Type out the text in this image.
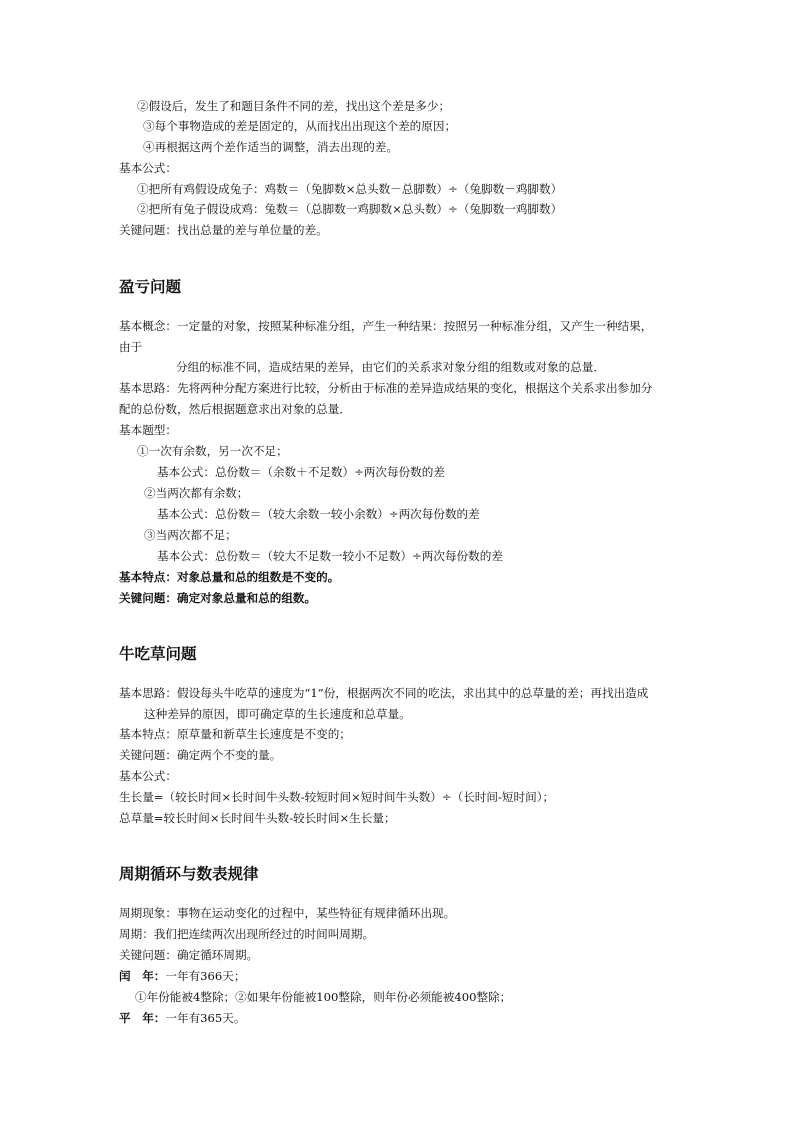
②假设后，发生了和题目条件不同的差，找出这个差是多少；
③每个事物造成的差是固定的，从而找出出现这个差的原因；
④再根据这两个差作适当的调整，消去出现的差。
基本公式：
①把所有鸡假设成兔子：鸡数＝（兔脚数×总头数－总脚数）÷（兔脚数－鸡脚数）
②把所有兔子假设成鸡：兔数＝（总脚数一鸡脚数×总头数）÷（兔脚数一鸡脚数）
关键问题：找出总量的差与单位量的差。
盈亏问题
基本概念：一定量的对象，按照某种标准分组，产生一种结果：按照另一种标准分组，又产生一种结果，
由于
分组的标准不同，造成结果的差异，由它们的关系求对象分组的组数或对象的总量．
基本思路：先将两种分配方案进行比较，分析由于标准的差异造成结果的变化，根据这个关系求出参加分
配的总份数，然后根据题意求出对象的总量．
基本题型：
①一次有余数，另一次不足；
基本公式：总份数＝（余数＋不足数）÷两次每份数的差
②当两次都有余数；
基本公式：总份数＝（较大余数一较小余数）÷两次每份数的差
③当两次都不足；
基本公式：总份数＝（较大不足数一较小不足数）÷两次每份数的差
基本特点：对象总量和总的组数是不变的。
关键问题：确定对象总量和总的组数。
牛吃草问题
基本思路：假设每头牛吃草的速度为“1”份，根据两次不同的吃法，求出其中的总草量的差；再找出造成
这种差异的原因，即可确定草的生长速度和总草量。
基本特点：原草量和新草生长速度是不变的；
关键问题：确定两个不变的量。
基本公式：
生长量=（较长时间×长时间牛头数-较短时间×短时间牛头数）÷（长时间-短时间）；
总草量=较长时间×长时间牛头数-较长时间×生长量；
周期循环与数表规律
周期现象：事物在运动变化的过程中，某些特征有规律循环出现。
周期：我们把连续两次出现所经过的时间叫周期。
关键问题：确定循环周期。
闰　年：一年有366天；
①年份能被4整除；②如果年份能被100整除，则年份必须能被400整除；
平　年：一年有365天。
